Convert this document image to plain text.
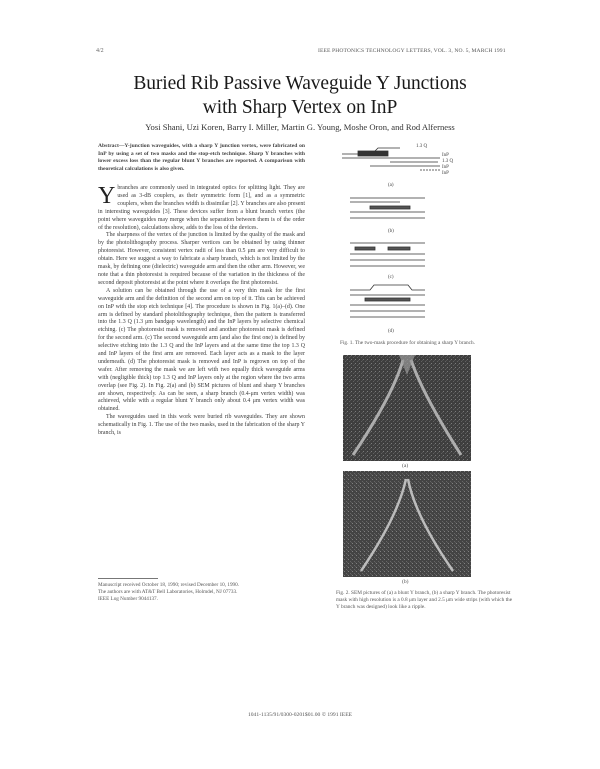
4/2	IEEE PHOTONICS TECHNOLOGY LETTERS, VOL. 3, NO. 5, MARCH 1991
Buried Rib Passive Waveguide Y Junctions
with Sharp Vertex on InP
Yosi Shani, Uzi Koren, Barry I. Miller, Martin G. Young, Moshe Oron, and Rod Alferness
Abstract—Y-junction waveguides, with a sharp Y junction vertex, were fabricated on InP by using a set of two masks and the stop-etch technique. Sharp Y branches with lower excess loss than the regular blunt Y branches are reported. A comparison with theoretical calculations is also given.

Y branches are commonly used in integrated optics for splitting light. They are used as 3-dB couplers, as their symmetric form [1], and as a symmetric couplers, when the branches width is dissimilar [2]. Y branches are also present in interesting waveguides [3]. These devices suffer from a blunt branch vertex (the point where waveguides may merge when the separation between them is of the order of the resolution), calculations show, adds to the loss of the devices.

The sharpness of the vertex of the junction is limited by the quality of the mask and by the photolithography process. Sharper vertices can be obtained by using thinner photoresist. However, consistent vertex radii of less than 0.5 μm are very difficult to obtain. Here we suggest a way to fabricate a sharp branch, which is not limited by the mask, by defining one (dielectric) waveguide arm and then the other arm. However, we note that a thin photoresist is required because of the variation in the thickness of the second deposit photoresist at the point where it overlaps the first photoresist.

A solution can be obtained through the use of a very thin mask for the first waveguide arm and the definition of the second arm on top of it. This can be achieved on InP with the stop etch technique [4]. The procedure is shown in Fig. 1(a)–(d). One arm is defined by standard photolithography technique, then the pattern is transferred into the 1.3 Q (1.3 μm bandgap wavelength) and the InP layers by selective chemical etching. (c) The photoresist mask is removed and another photoresist mask is defined for the second arm. (c) The second waveguide arm (and also the first one) is defined by selective etching into the 1.3 Q and the InP layers and at the same time the top 1.3 Q and InP layers of the first arm are removed. Each layer acts as a mask to the layer underneath. (d) The photoresist mask is removed and InP is regrown on top of the wafer. After removing the mask we are left with two equally thick waveguide arms with (negligible thick) top 1.3 Q and InP layers only at the region where the two arms overlap (see Fig. 2). In Fig. 2(a) and (b) SEM pictures of blunt and sharp Y branches are shown, respectively. As can be seen, a sharp branch (0.4-μm vertex width) was achieved, while with a regular blunt Y branch only about 0.4 μm vertex width was obtained.

The waveguides used in this work were buried rib waveguides. They are shown schematically in Fig. 1. The use of the two masks, used in the fabrication of the sharp Y branch, is

Manuscript received October 18, 1990; revised December 10, 1990.
The authors are with AT&T Bell Laboratories, Holmdel, NJ 07733.
IEEE Log Number 9044137.
1.3 Q
InP
1.3 Q
InP
InP
(a)
(b)
(c)
(d)
Fig. 1. The two-mask procedure for obtaining a sharp Y branch.
(a)
(b)
Fig. 2. SEM pictures of (a) a blunt Y branch, (b) a sharp Y branch. The photoresist mask with high resolution is a 0.8 μm layer and 2.5 μm wide strips (with which the Y branch was designed) look like a ripple.
1041-1135/91/0300-0201$01.00 © 1991 IEEE
